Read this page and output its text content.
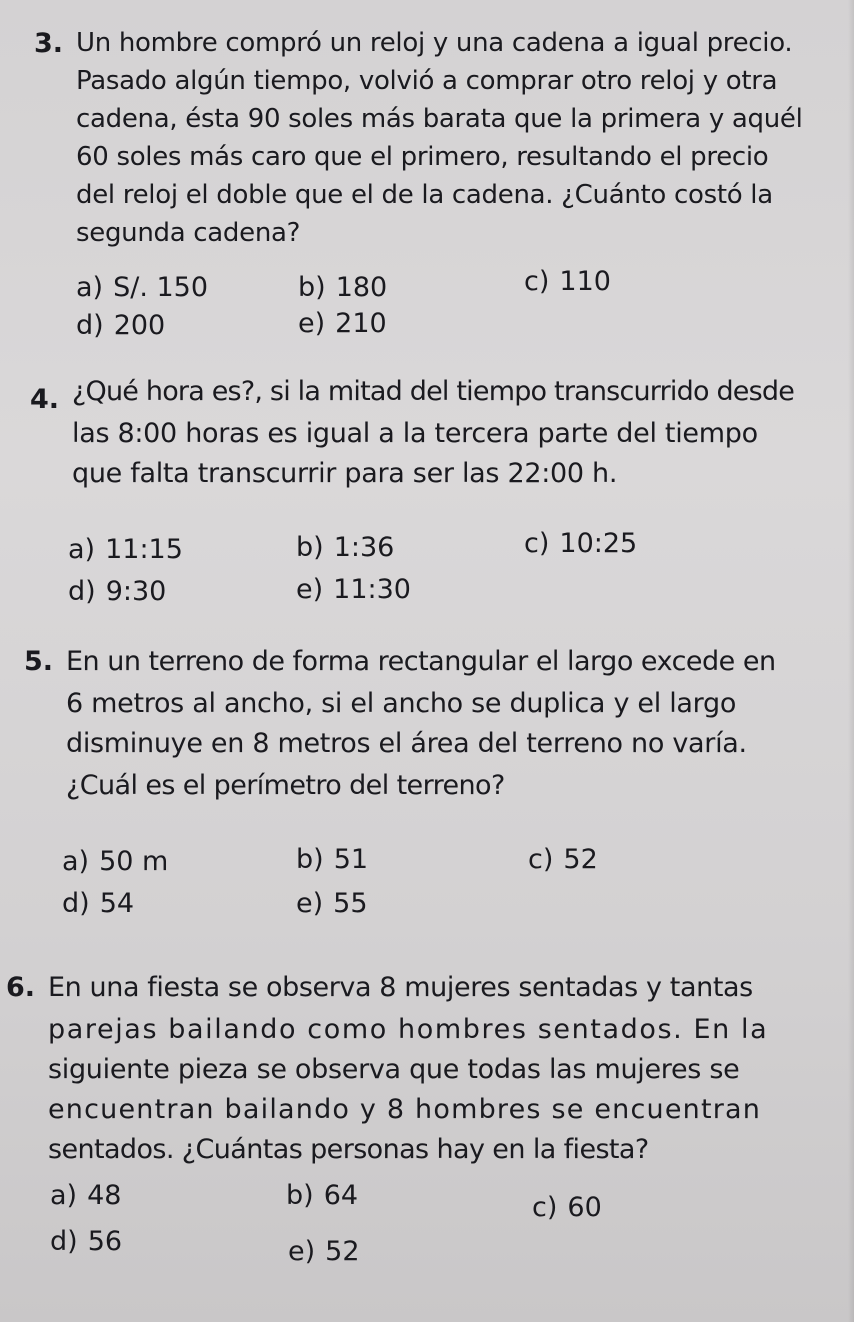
3. Un hombre compró un reloj y una cadena a igual precio.
Pasado algún tiempo, volvió a comprar otro reloj y otra
cadena, ésta 90 soles más barata que la primera y aquél
60 soles más caro que el primero, resultando el precio
del reloj el doble que el de la cadena. ¿Cuánto costó la
segunda cadena?
a) S/. 150	b) 180	c) 110
d) 200	e) 210
4. ¿Qué hora es?, si la mitad del tiempo transcurrido desde
las 8:00 horas es igual a la tercera parte del tiempo
que falta transcurrir para ser las 22:00 h.
a) 11:15	b) 1:36	c) 10:25
d) 9:30	e) 11:30
5. En un terreno de forma rectangular el largo excede en
6 metros al ancho, si el ancho se duplica y el largo
disminuye en 8 metros el área del terreno no varía.
¿Cuál es el perímetro del terreno?
a) 50 m	b) 51	c) 52
d) 54	e) 55
6. En una fiesta se observa 8 mujeres sentadas y tantas
parejas bailando como hombres sentados. En la
siguiente pieza se observa que todas las mujeres se
encuentran bailando y 8 hombres se encuentran
sentados. ¿Cuántas personas hay en la fiesta?
a) 48	b) 64	c) 60
d) 56	e) 52
